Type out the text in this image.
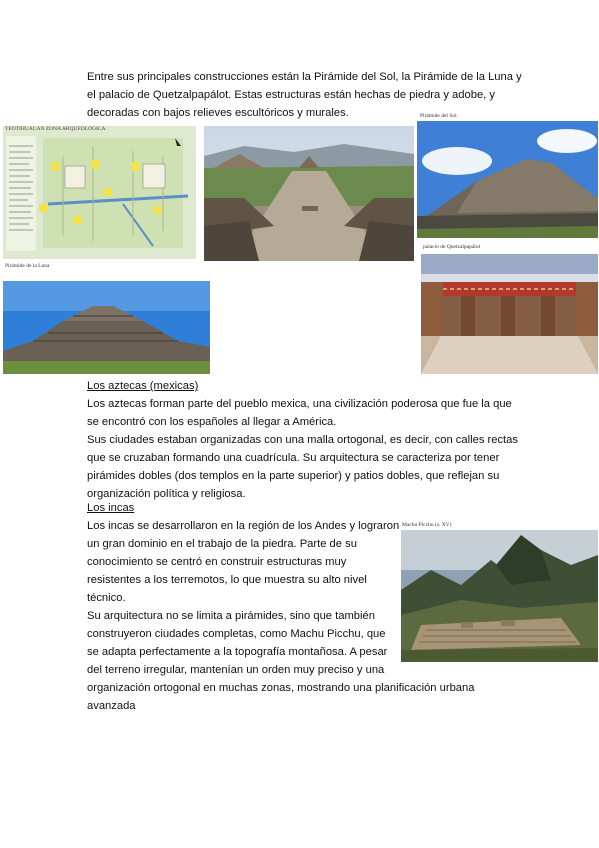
Entre sus principales construcciones están la Pirámide del Sol, la Pirámide de la Luna y
el palacio de Quetzalpapálot. Estas estructuras están hechas de piedra y adobe, y
decoradas con bajos relieves escultóricos y murales.
TEOTIHUACAN ZONA ARQUEOLOGICA
Pirámide de la Luna
Pirámide del Sol
palacio de Quetzalpapálot
Los aztecas (mexicas)
Los aztecas forman parte del pueblo mexica, una civilización poderosa que fue la que
se encontró con los españoles al llegar a América.
Sus ciudades estaban organizadas con una malla ortogonal, es decir, con calles rectas
que se cruzaban formando una cuadrícula. Su arquitectura se caracteriza por tener
pirámides dobles (dos templos en la parte superior) y patios dobles, que reflejan su
organización política y religiosa.
Los incas
Los incas se desarrollaron en la región de los Andes y lograron
un gran dominio en el trabajo de la piedra. Parte de su
conocimiento se centró en construir estructuras muy
resistentes a los terremotos, lo que muestra su alto nivel
técnico.
Su arquitectura no se limita a pirámides, sino que también
construyeron ciudades completas, como Machu Picchu, que
se adapta perfectamente a la topografía montañosa. A pesar
del terreno irregular, mantenían un orden muy preciso y una
organización ortogonal en muchas zonas, mostrando una planificación urbana
avanzada
Machu Picchu (s. XV)
